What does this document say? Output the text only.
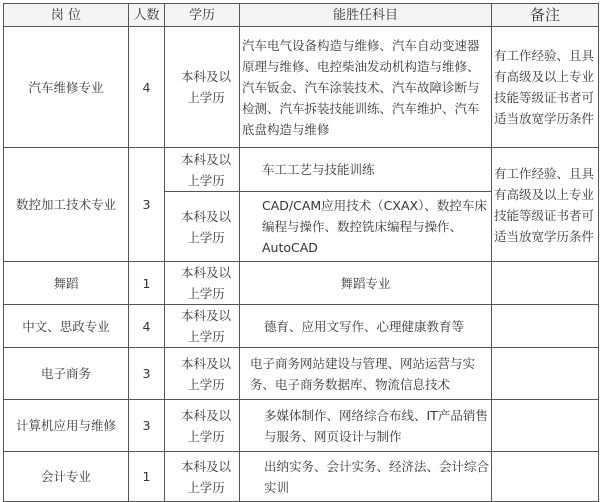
岗 位	人数	学历	能胜任科目	备注
汽车维修专业	4	本科及以上学历	汽车电气设备构造与维修、汽车自动变速器原理与维修、电控柴油发动机构造与维修、汽车钣金、汽车涂装技术、汽车故障诊断与检测、汽车拆装技能训练、汽车维护、汽车底盘构造与维修	有工作经验、且具有高级及以上专业技能等级证书者可适当放宽学历条件
数控加工技术专业	3	本科及以上学历	车工工艺与技能训练	有工作经验、且具有高级及以上专业技能等级证书者可适当放宽学历条件
		本科及以上学历	CAD/CAM应用技术（CXAX）、数控车床编程与操作、数控铣床编程与操作、AutoCAD	
舞蹈	1	本科及以上学历	舞蹈专业	
中文、思政专业	4	本科及以上学历	德育、应用文写作、心理健康教育等	
电子商务	3	本科及以上学历	电子商务网站建设与管理、网站运营与实务、电子商务数据库、物流信息技术	
计算机应用与维修	3	本科及以上学历	多媒体制作、网络综合布线、IT产品销售与服务、网页设计与制作	
会计专业	1	本科及以上学历	出纳实务、会计实务、经济法、会计综合实训	
